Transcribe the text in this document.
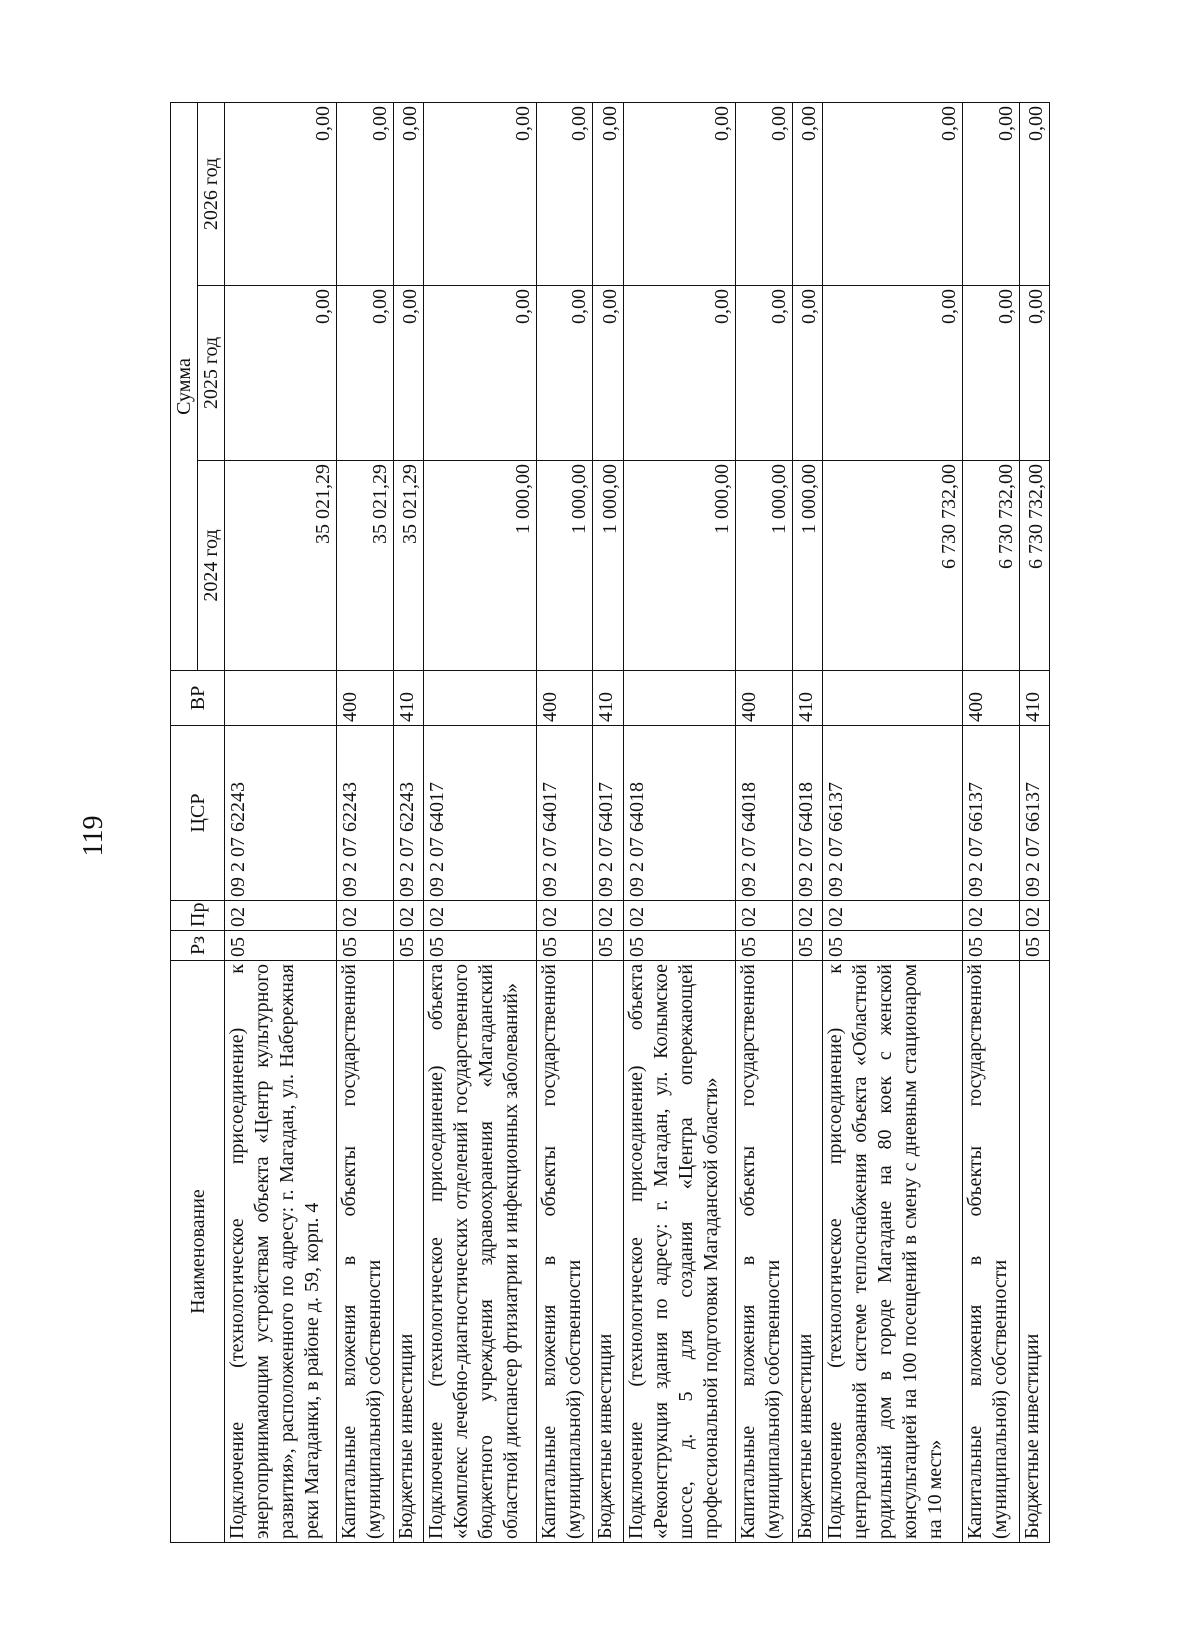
119
Наименование	Рз	Пр	ЦСР	ВР	Сумма		
					2024 год	2025 год	2026 год
Подключение (технологическое присоединение) к энергопринимающим устройствам объекта «Центр культурного развития», расположенного по адресу: г. Магадан, ул. Набережная реки Магаданки, в районе д. 59, корп. 4	05	02	09 2 07 62243		35 021,29	0,00	0,00
Капитальные вложения в объекты государственной (муниципальной) собственности	05	02	09 2 07 62243	400	35 021,29	0,00	0,00
Бюджетные инвестиции	05	02	09 2 07 62243	410	35 021,29	0,00	0,00
Подключение (технологическое присоединение) объекта «Комплекс лечебно-диагностических отделений государственного бюджетного учреждения здравоохранения «Магаданский областной диспансер фтизиатрии и инфекционных заболеваний»	05	02	09 2 07 64017		1 000,00	0,00	0,00
Капитальные вложения в объекты государственной (муниципальной) собственности	05	02	09 2 07 64017	400	1 000,00	0,00	0,00
Бюджетные инвестиции	05	02	09 2 07 64017	410	1 000,00	0,00	0,00
Подключение (технологическое присоединение) объекта «Реконструкция здания по адресу: г. Магадан, ул. Колымское шоссе, д. 5 для создания «Центра опережающей профессиональной подготовки Магаданской области»	05	02	09 2 07 64018		1 000,00	0,00	0,00
Капитальные вложения в объекты государственной (муниципальной) собственности	05	02	09 2 07 64018	400	1 000,00	0,00	0,00
Бюджетные инвестиции	05	02	09 2 07 64018	410	1 000,00	0,00	0,00
Подключение (технологическое присоединение) к централизованной системе теплоснабжения объекта «Областной родильный дом в городе Магадане на 80 коек с женской консультацией на 100 посещений в смену с дневным стационаром на 10 мест»	05	02	09 2 07 66137		6 730 732,00	0,00	0,00
Капитальные вложения в объекты государственной (муниципальной) собственности	05	02	09 2 07 66137	400	6 730 732,00	0,00	0,00
Бюджетные инвестиции	05	02	09 2 07 66137	410	6 730 732,00	0,00	0,00
